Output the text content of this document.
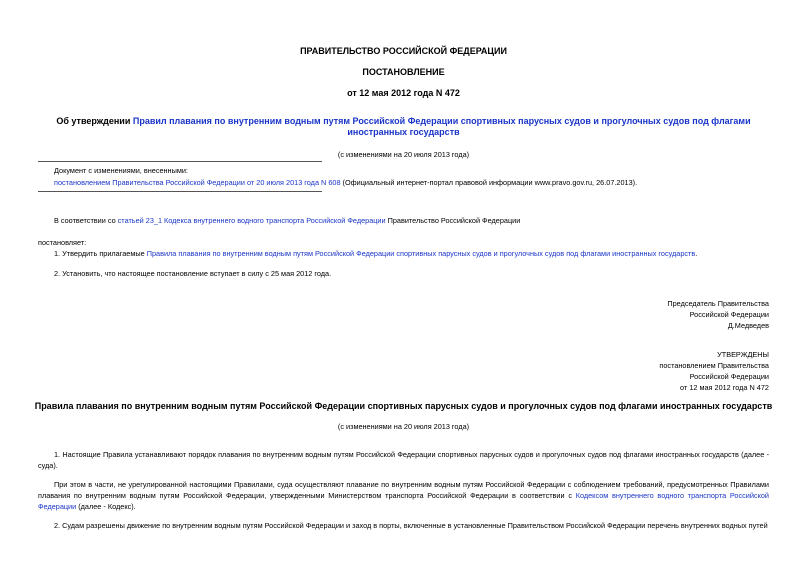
ПРАВИТЕЛЬСТВО РОССИЙСКОЙ ФЕДЕРАЦИИ
ПОСТАНОВЛЕНИЕ
от 12 мая 2012 года N 472
Об утверждении Правил плавания по внутренним водным путям Российской Федерации спортивных парусных судов и прогулочных судов под флагами
иностранных государств
(с изменениями на 20 июля 2013 года)
Документ с изменениями, внесенными:
постановлением Правительства Российской Федерации от 20 июля 2013 года N 608 (Официальный интернет-портал правовой информации www.pravo.gov.ru, 26.07.2013).
В соответствии со статьей 23_1 Кодекса внутреннего водного транспорта Российской Федерации Правительство Российской Федерации
постановляет:
1. Утвердить прилагаемые Правила плавания по внутренним водным путям Российской Федерации спортивных парусных судов и прогулочных судов под флагами иностранных государств.
2. Установить, что настоящее постановление вступает в силу с 25 мая 2012 года.
Председатель Правительства
Российской Федерации
Д.Медведев
УТВЕРЖДЕНЫ
постановлением Правительства
Российской Федерации
от 12 мая 2012 года N 472
Правила плавания по внутренним водным путям Российской Федерации спортивных парусных судов и прогулочных судов под флагами иностранных государств
(с изменениями на 20 июля 2013 года)
1. Настоящие Правила устанавливают порядок плавания по внутренним водным путям Российской Федерации спортивных парусных судов и прогулочных судов под флагами иностранных государств (далее - суда).
При этом в части, не урегулированной настоящими Правилами, суда осуществляют плавание по внутренним водным путям Российской Федерации с соблюдением требований, предусмотренных Правилами плавания по внутренним водным путям Российской Федерации, утвержденными Министерством транспорта Российской Федерации в соответствии с Кодексом внутреннего водного транспорта Российской Федерации (далее - Кодекс).
2. Судам разрешены движение по внутренним водным путям Российской Федерации и заход в порты, включенные в установленные Правительством Российской Федерации перечень внутренних водных путей
